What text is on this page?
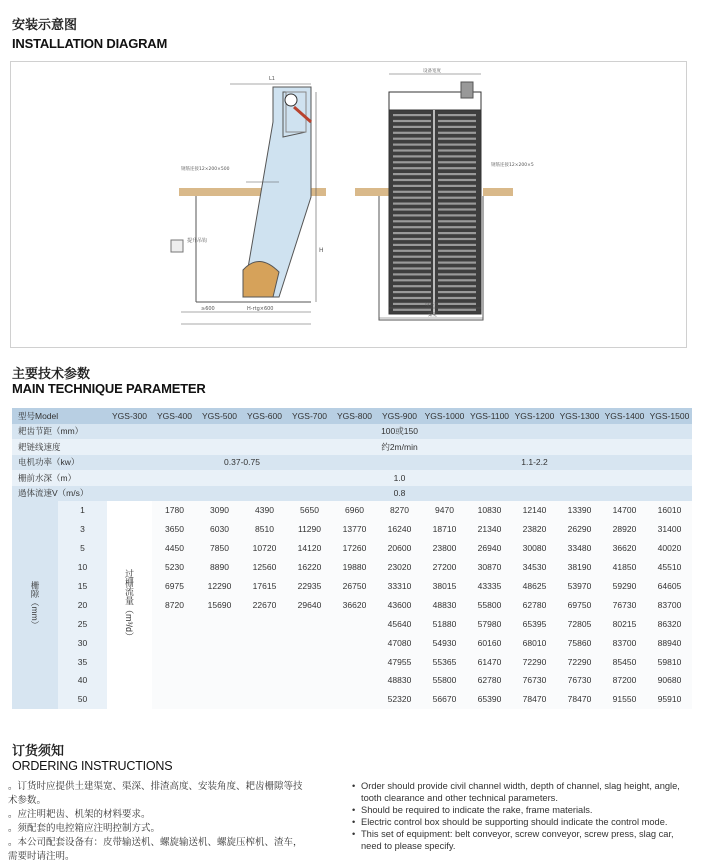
安装示意图
INSTALLATION DIAGRAM
提升吊钩
L1
≥600	H-rtg×600
H
钢筋连接12×200×500
设备宽度
设备宽
渠宽
钢筋连接12×200×5
主要技术参数
MAIN TECHNIQUE PARAMETER
型号Model		YGS-300	YGS-400	YGS-500	YGS-600	YGS-700	YGS-800	YGS-900	YGS-1000	YGS-1100	YGS-1200	YGS-1300	YGS-1400	YGS-1500	
耙齿节距（mm）		100或150													
耙链线速度		约2m/min													
电机功率（kw）		0.37-0.75						1.1-2.2							
栅前水深（m）		1.0													
過体流速V（m/s）		0.8													
栅隙（mm）	1	过栅流量（m³/d）	1780	3090	4390	5650	6960	8270	9470	10830	12140	13390	14700	16010	
	3		3650	6030	8510	11290	13770	16240	18710	21340	23820	26290	28920	31400	
	5		4450	7850	10720	14120	17260	20600	23800	26940	30080	33480	36620	40020	
	10		5230	8890	12560	16220	19880	23020	27200	30870	34530	38190	41850	45510	
	15		6975	12290	17615	22935	26750	33310	38015	43335	48625	53970	59290	64605	
	20		8720	15690	22670	29640	36620	43600	48830	55800	62780	69750	76730	83700	
	25							45640	51880	57980	65395	72805	80215	86320	
	30							47080	54930	60160	68010	75860	83700	88940	
	35							47955	55365	61470	72290	72290	85450	59810	
	40							48830	55800	62780	76730	76730	87200	90680	
	50							52320	56670	65390	78470	78470	91550	95910	
订货须知
ORDERING INSTRUCTIONS
。订货时应提供土建渠宽、渠深、排渣高度、安装角度、耙齿栅隙等技
术参数。
。应注明耙齿、机架的材料要求。
。须配套的电控箱应注明控制方式。
。本公司配套设备有：皮带输送机、螺旋输送机、螺旋压榨机、渣车，
需要时请注明。
• Order should provide civil channel width, depth of channel, slag height, angle, tooth clearance and other technical parameters.
• Should be required to indicate the rake, frame materials.
• Electric control box should be supporting should indicate the control mode.
• This set of equipment: belt conveyor, screw conveyor, screw press, slag car, need to please specify.
